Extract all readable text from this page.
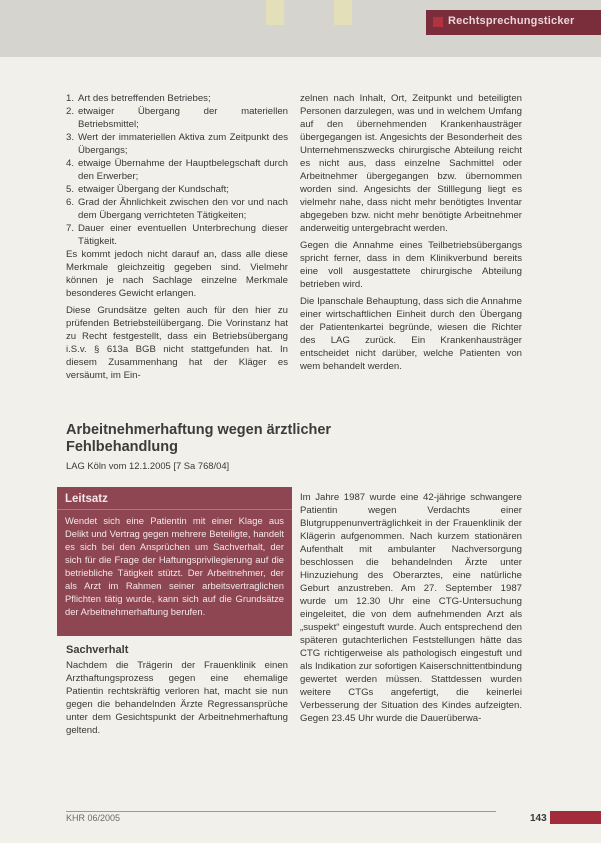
Rechtsprechungsticker
1. Art des betreffenden Betriebes;
2. etwaiger Übergang der materiellen Betriebsmittel;
3. Wert der immateriellen Aktiva zum Zeitpunkt des Übergangs;
4. etwaige Übernahme der Hauptbelegschaft durch den Erwerber;
5. etwaiger Übergang der Kundschaft;
6. Grad der Ähnlichkeit zwischen den vor und nach dem Übergang verrichteten Tätigkeiten;
7. Dauer einer eventuellen Unterbrechung dieser Tätigkeit.

Es kommt jedoch nicht darauf an, dass alle diese Merkmale gleichzeitig gegeben sind. Vielmehr können je nach Sachlage einzelne Merkmale besonderes Gewicht erlangen.

Diese Grundsätze gelten auch für den hier zu prüfenden Betriebsteilübergang. Die Vorinstanz hat zu Recht festgestellt, dass ein Betriebsübergang i.S.v. § 613a BGB nicht stattgefunden hat. In diesem Zusammenhang hat der Kläger es versäumt, im Ein-

zelnen nach Inhalt, Ort, Zeitpunkt und beteiligten Personen darzulegen, was und in welchem Umfang auf den übernehmenden Krankenhausträger übergegangen ist. Angesichts der Besonderheit des Unternehmenszwecks chirurgische Abteilung reicht es nicht aus, dass einzelne Sachmittel oder Arbeitnehmer übergegangen bzw. übernommen worden sind. Angesichts der Stilllegung liegt es vielmehr nahe, dass nicht mehr benötigtes Inventar abgegeben bzw. nicht mehr benötigte Arbeitnehmer anderweitig untergebracht werden.

Gegen die Annahme eines Teilbetriebsübergangs spricht ferner, dass in dem Klinikverbund bereits eine voll ausgestattete chirurgische Abteilung betrieben wird.

Die Ipanschale Behauptung, dass sich die Annahme einer wirtschaftlichen Einheit durch den Übergang der Patientenkartei begründe, wiesen die Richter des LAG zurück. Ein Krankenhausträger entscheidet nicht darüber, welche Patienten von wem behandelt werden.

Arbeitnehmerhaftung wegen ärztlicher
Fehlbehandlung
LAG Köln vom 12.1.2005 [7 Sa 768/04]
Leitsatz
Wendet sich eine Patientin mit einer Klage aus Delikt und Vertrag gegen mehrere Beteiligte, handelt es sich bei den Ansprüchen um Sachverhalt, der sich für die Frage der Haftungsprivilegierung auf die betriebliche Tätigkeit stützt. Der Arbeitnehmer, der als Arzt im Rahmen seiner arbeitsvertraglichen Pflichten tätig wurde, kann sich auf die Grundsätze der Arbeitnehmerhaftung berufen.
Sachverhalt

Nachdem die Trägerin der Frauenklinik einen Arzthaftungsprozess gegen eine ehemalige Patientin rechtskräftig verloren hat, macht sie nun gegen die behandelnden Ärzte Regressansprüche unter dem Gesichtspunkt der Arbeitnehmerhaftung geltend.

Im Jahre 1987 wurde eine 42-jährige schwangere Patientin wegen Verdachts einer Blutgruppenunverträglichkeit in der Frauenklinik der Klägerin aufgenommen. Nach kurzem stationären Aufenthalt mit ambulanter Nachversorgung beschlossen die behandelnden Ärzte unter Hinzuziehung des Oberarztes, eine natürliche Geburt anzustreben. Am 27. September 1987 wurde um 12.30 Uhr eine CTG-Untersuchung eingeleitet, die von dem aufnehmenden Arzt als „suspekt“ eingestuft wurde. Auch entsprechend den späteren gutachterlichen Feststellungen hätte das CTG richtigerweise als pathologisch eingestuft und als Indikation zur sofortigen Kaiserschnittentbindung gewertet werden müssen. Stattdessen wurden weitere CTGs angefertigt, die keinerlei Verbesserung der Situation des Kindes aufzeigten. Gegen 23.45 Uhr wurde die Dauerüberwa-

KHR 06/2005	143
